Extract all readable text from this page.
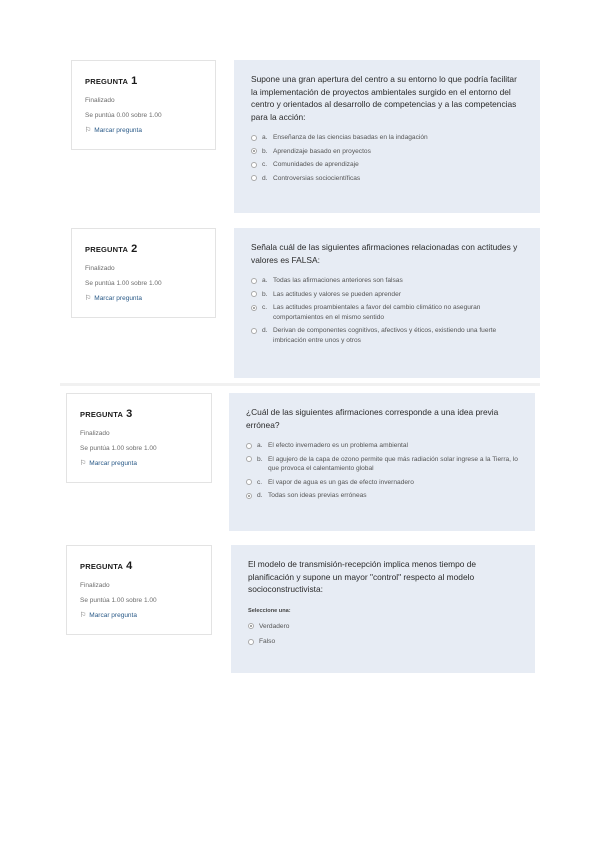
PREGUNTA 1
Finalizado
Se puntúa 0.00 sobre 1.00
⚐ Marcar pregunta
Supone una gran apertura del centro a su entorno lo que podría facilitar la implementación de proyectos ambientales surgido en el entorno del centro y orientados al desarrollo de competencias y a las competencias para la acción:
a. Enseñanza de las ciencias basadas en la indagación
b. Aprendizaje basado en proyectos
c. Comunidades de aprendizaje
d. Controversias sociocientíficas
PREGUNTA 2
Finalizado
Se puntúa 1.00 sobre 1.00
⚐ Marcar pregunta
Señala cuál de las siguientes afirmaciones relacionadas con actitudes y valores es FALSA:
a. Todas las afirmaciones anteriores son falsas
b. Las actitudes y valores se pueden aprender
c. Las actitudes proambientales a favor del cambio climático no aseguran comportamientos en el mismo sentido
d. Derivan de componentes cognitivos, afectivos y éticos, existiendo una fuerte imbricación entre unos y otros
PREGUNTA 3
Finalizado
Se puntúa 1.00 sobre 1.00
⚐ Marcar pregunta
¿Cuál de las siguientes afirmaciones corresponde a una idea previa errónea?
a. El efecto invernadero es un problema ambiental
b. El agujero de la capa de ozono permite que más radiación solar ingrese a la Tierra, lo que provoca el calentamiento global
c. El vapor de agua es un gas de efecto invernadero
d. Todas son ideas previas erróneas
PREGUNTA 4
Finalizado
Se puntúa 1.00 sobre 1.00
⚐ Marcar pregunta
El modelo de transmisión-recepción implica menos tiempo de planificación y supone un mayor "control" respecto al modelo socioconstructivista:
Seleccione una:
Verdadero
Falso
